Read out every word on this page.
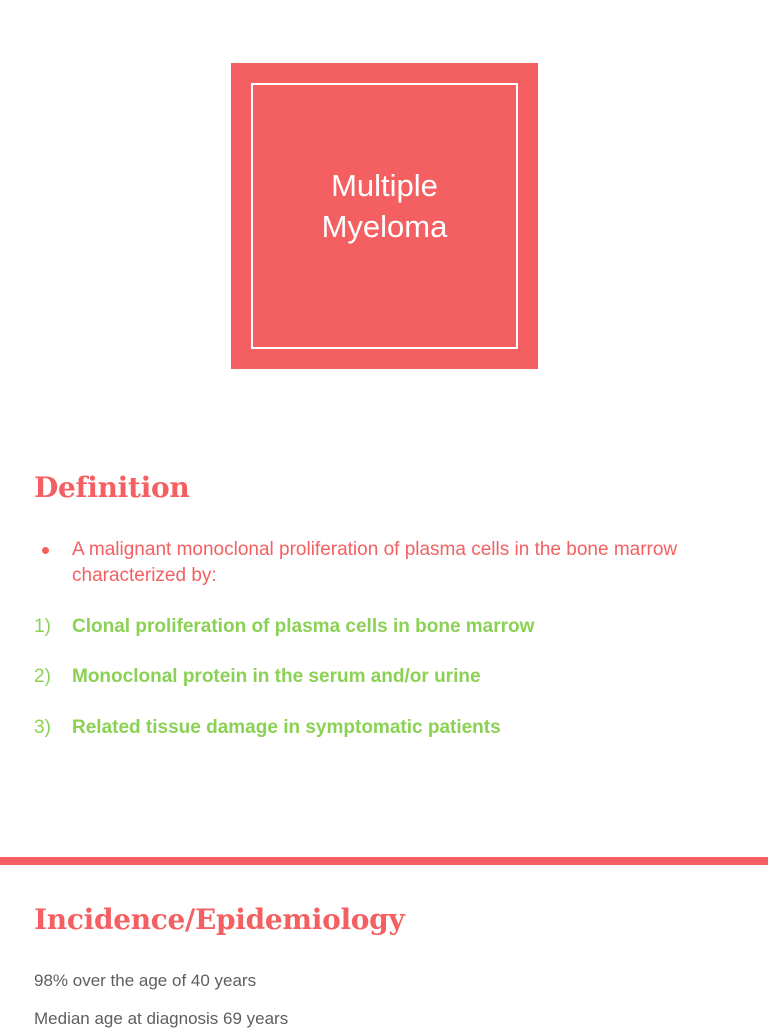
Multiple
Myeloma
Definition
A malignant monoclonal proliferation of plasma cells in the bone marrow characterized by:
1) Clonal proliferation of plasma cells in bone marrow
2) Monoclonal protein in the serum and/or urine
3) Related tissue damage in symptomatic patients
Incidence/Epidemiology
98% over the age of 40 years
Median age at diagnosis 69 years
